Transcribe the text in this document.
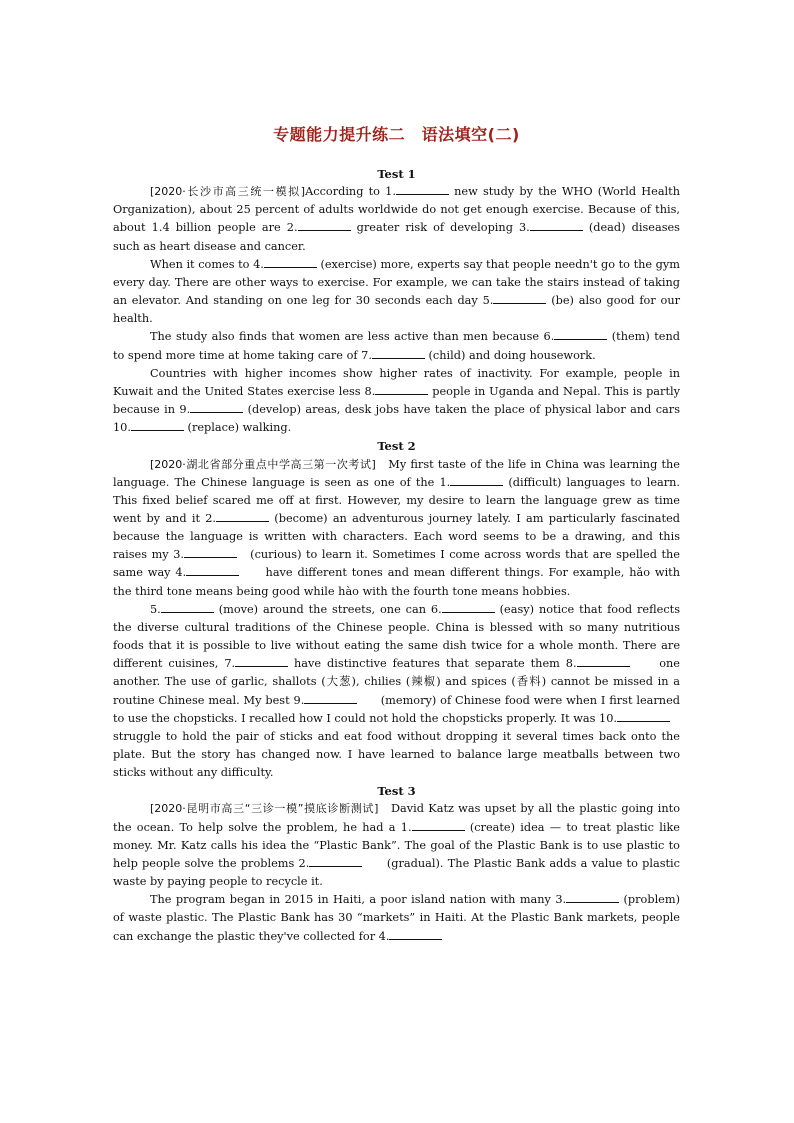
专题能力提升练二　语法填空(二)
Test 1

[2020·长沙市高三统一模拟]According to 1.	new study by the WHO (World Health Organization), about 25 percent of adults worldwide do not get enough exercise. Because of this, about 1.4 billion people are 2.	greater risk of developing 3.	(dead) diseases such as heart disease and cancer.

When it comes to 4.	(exercise) more, experts say that people needn't go to the gym every day. There are other ways to exercise. For example, we can take the stairs instead of taking an elevator. And standing on one leg for 30 seconds each day 5.	(be) also good for our health.

The study also finds that women are less active than men because 6.	(them) tend to spend more time at home taking care of 7.	(child) and doing housework.

Countries with higher incomes show higher rates of inactivity. For example, people in Kuwait and the United States exercise less 8.	people in Uganda and Nepal. This is partly because in 9.	(develop) areas, desk jobs have taken the place of physical labor and cars 10.	(replace) walking.

Test 2

[2020·湖北省部分重点中学高三第一次考试]　My first taste of the life in China was learning the language. The Chinese language is seen as one of the 1.	(difficult) languages to learn. This fixed belief scared me off at first. However, my desire to learn the language grew as time went by and it 2.	(become) an adventurous journey lately. I am particularly fascinated because the language is written with characters. Each word seems to be a drawing, and this raises my 3.	　(curious) to learn it. Sometimes I come across words that are spelled the same way 4.	　　have different tones and mean different things. For example, hǎo with the third tone means being good while hào with the fourth tone means hobbies.

5.	(move) around the streets, one can 6.	(easy) notice that food reflects the diverse cultural traditions of the Chinese people. China is blessed with so many nutritious foods that it is possible to live without eating the same dish twice for a whole month. There are different cuisines, 7.	have distinctive features that separate them 8.	　　one another. The use of garlic, shallots (大葱), chilies (辣椒) and spices (香料) cannot be missed in a routine Chinese meal. My best 9.	　　(memory) of Chinese food were when I first learned to use the chopsticks. I recalled how I could not hold the chopsticks properly. It was 10.	　　struggle to hold the pair of sticks and eat food without dropping it several times back onto the plate. But the story has changed now. I have learned to balance large meatballs between two sticks without any difficulty.

Test 3

[2020·昆明市高三“三诊一模”摸底诊断测试]　David Katz was upset by all the plastic going into the ocean. To help solve the problem, he had a 1.	(create) idea — to treat plastic like money. Mr. Katz calls his idea the “Plastic Bank”. The goal of the Plastic Bank is to use plastic to help people solve the problems 2.	　　(gradual). The Plastic Bank adds a value to plastic waste by paying people to recycle it.

The program began in 2015 in Haiti, a poor island nation with many 3.	(problem) of waste plastic. The Plastic Bank has 30 “markets” in Haiti. At the Plastic Bank markets, people can exchange the plastic they've collected for 4.
